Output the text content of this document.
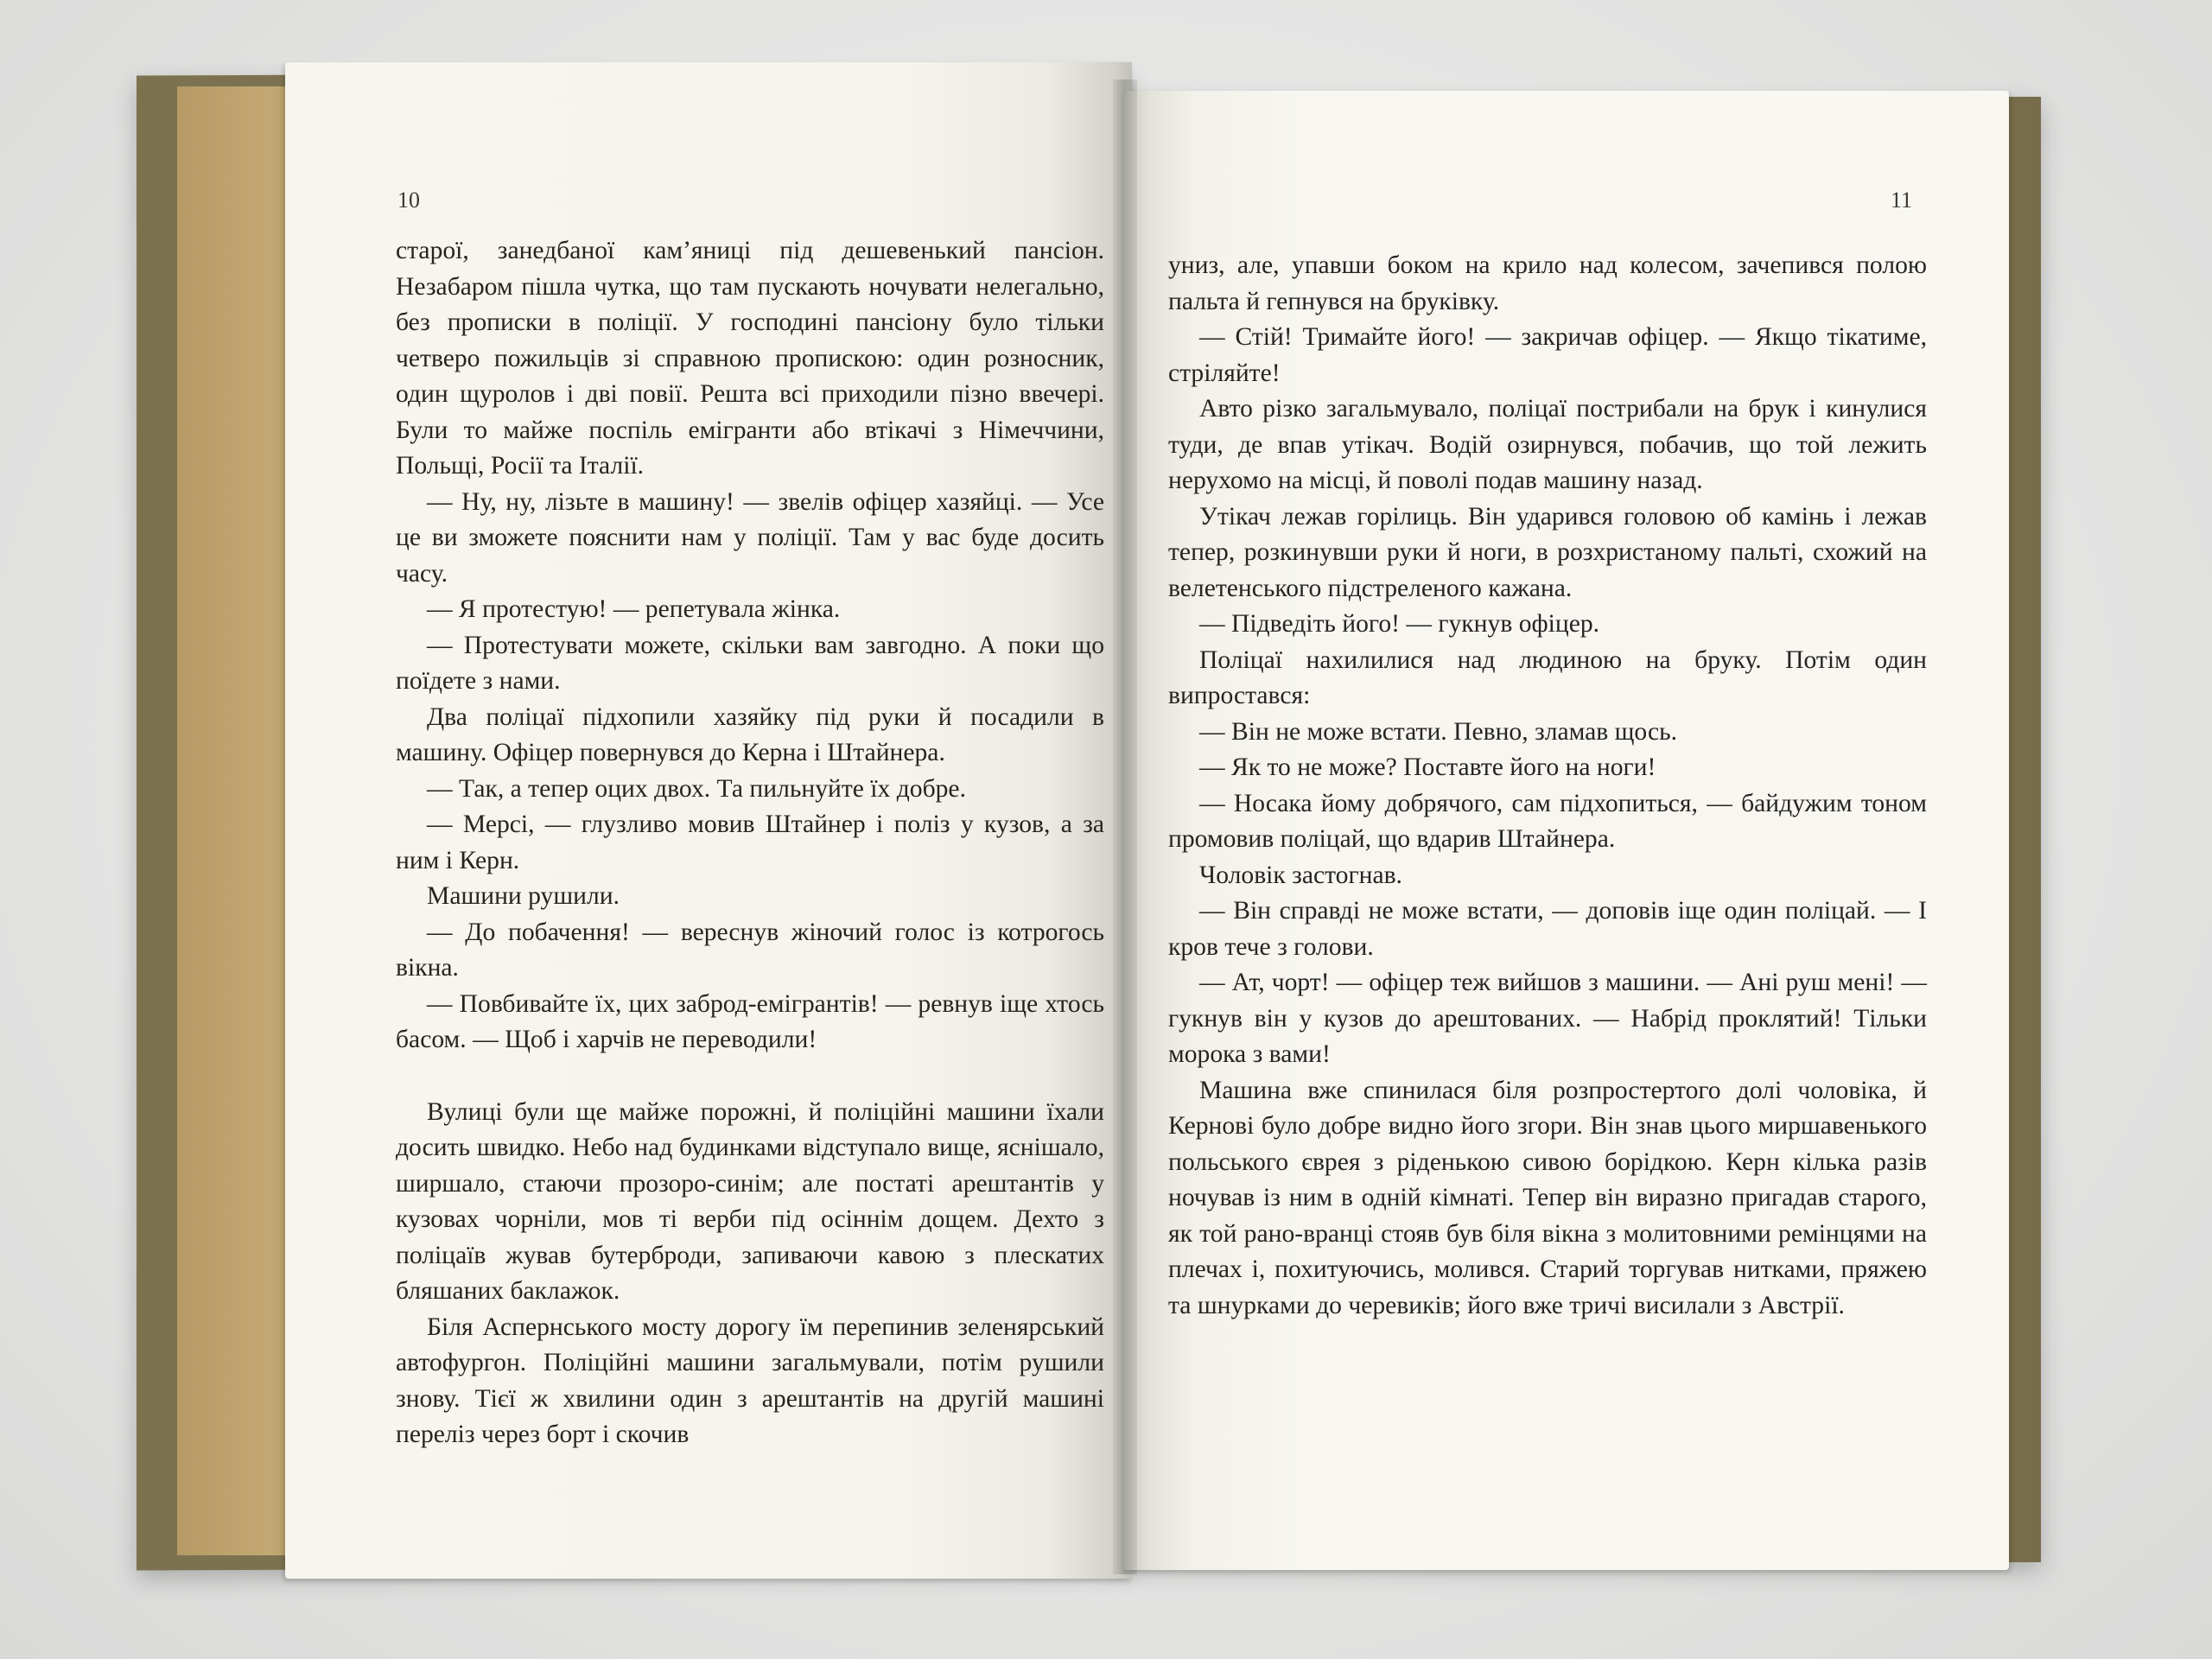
10

старої, занедбаної кам’яниці під дешевенький пансіон. Незабаром пішла чутка, що там пускають ночувати нелегально, без прописки в поліції. У господині пансіону було тільки четверо пожильців зі справною пропискою: один розносник, один щуролов і дві повії. Решта всі приходили пізно ввечері. Були то майже поспіль емігранти або втікачі з Німеччини, Польщі, Росії та Італії.

— Ну, ну, лізьте в машину! — звелів офіцер хазяйці. — Усе це ви зможете пояснити нам у поліції. Там у вас буде досить часу.

— Я протестую! — репетувала жінка.

— Протестувати можете, скільки вам завгодно. А поки що поїдете з нами.

Два поліцаї підхопили хазяйку під руки й посадили в машину. Офіцер повернувся до Керна і Штайнера.

— Так, а тепер оцих двох. Та пильнуйте їх добре.

— Мерсі, — глузливо мовив Штайнер і поліз у кузов, а за ним і Керн.

Машини рушили.

— До побачення! — вереснув жіночий голос із котрогось вікна.

— Повбивайте їх, цих заброд-емігрантів! — ревнув іще хтось басом. — Щоб і харчів не переводили!

Вулиці були ще майже порожні, й поліційні машини їхали досить швидко. Небо над будинками відступало вище, яснішало, ширшало, стаючи прозоро-синім; але постаті арештантів у кузовах чорніли, мов ті верби під осіннім дощем. Дехто з поліцаїв жував бутерброди, запиваючи кавою з плескатих бляшаних баклажок.

Біля Аспернського мосту дорогу їм перепинив зеленярський автофургон. Поліційні машини загальмували, потім рушили знову. Тієї ж хвилини один з арештантів на другій машині переліз через борт і скочив

11

униз, але, упавши боком на крило над колесом, зачепився полою пальта й гепнувся на бруківку.

— Стій! Тримайте його! — закричав офіцер. — Якщо тікатиме, стріляйте!

Авто різко загальмувало, поліцаї пострибали на брук і кинулися туди, де впав утікач. Водій озирнувся, побачив, що той лежить нерухомо на місці, й поволі подав машину назад.

Утікач лежав горілиць. Він ударився головою об камінь і лежав тепер, розкинувши руки й ноги, в розхристаному пальті, схожий на велетенського підстреленого кажана.

— Підведіть його! — гукнув офіцер.

Поліцаї нахилилися над людиною на бруку. Потім один випростався:

— Він не може встати. Певно, зламав щось.

— Як то не може? Поставте його на ноги!

— Носака йому добрячого, сам підхопиться, — байдужим тоном промовив поліцай, що вдарив Штайнера.

Чоловік застогнав.

— Він справді не може встати, — доповів іще один поліцай. — І кров тече з голови.

— Ат, чорт! — офіцер теж вийшов з машини. — Ані руш мені! — гукнув він у кузов до арештованих. — Набрід проклятий! Тільки морока з вами!

Машина вже спинилася біля розпростертого долі чоловіка, й Кернові було добре видно його згори. Він знав цього миршавенького польського єврея з ріденькою сивою борідкою. Керн кілька разів ночував із ним в одній кімнаті. Тепер він виразно пригадав старого, як той рано-вранці стояв був біля вікна з молитовними ремінцями на плечах і, похитуючись, молився. Старий торгував нитками, пряжею та шнурками до черевиків; його вже тричі висилали з Австрії.
